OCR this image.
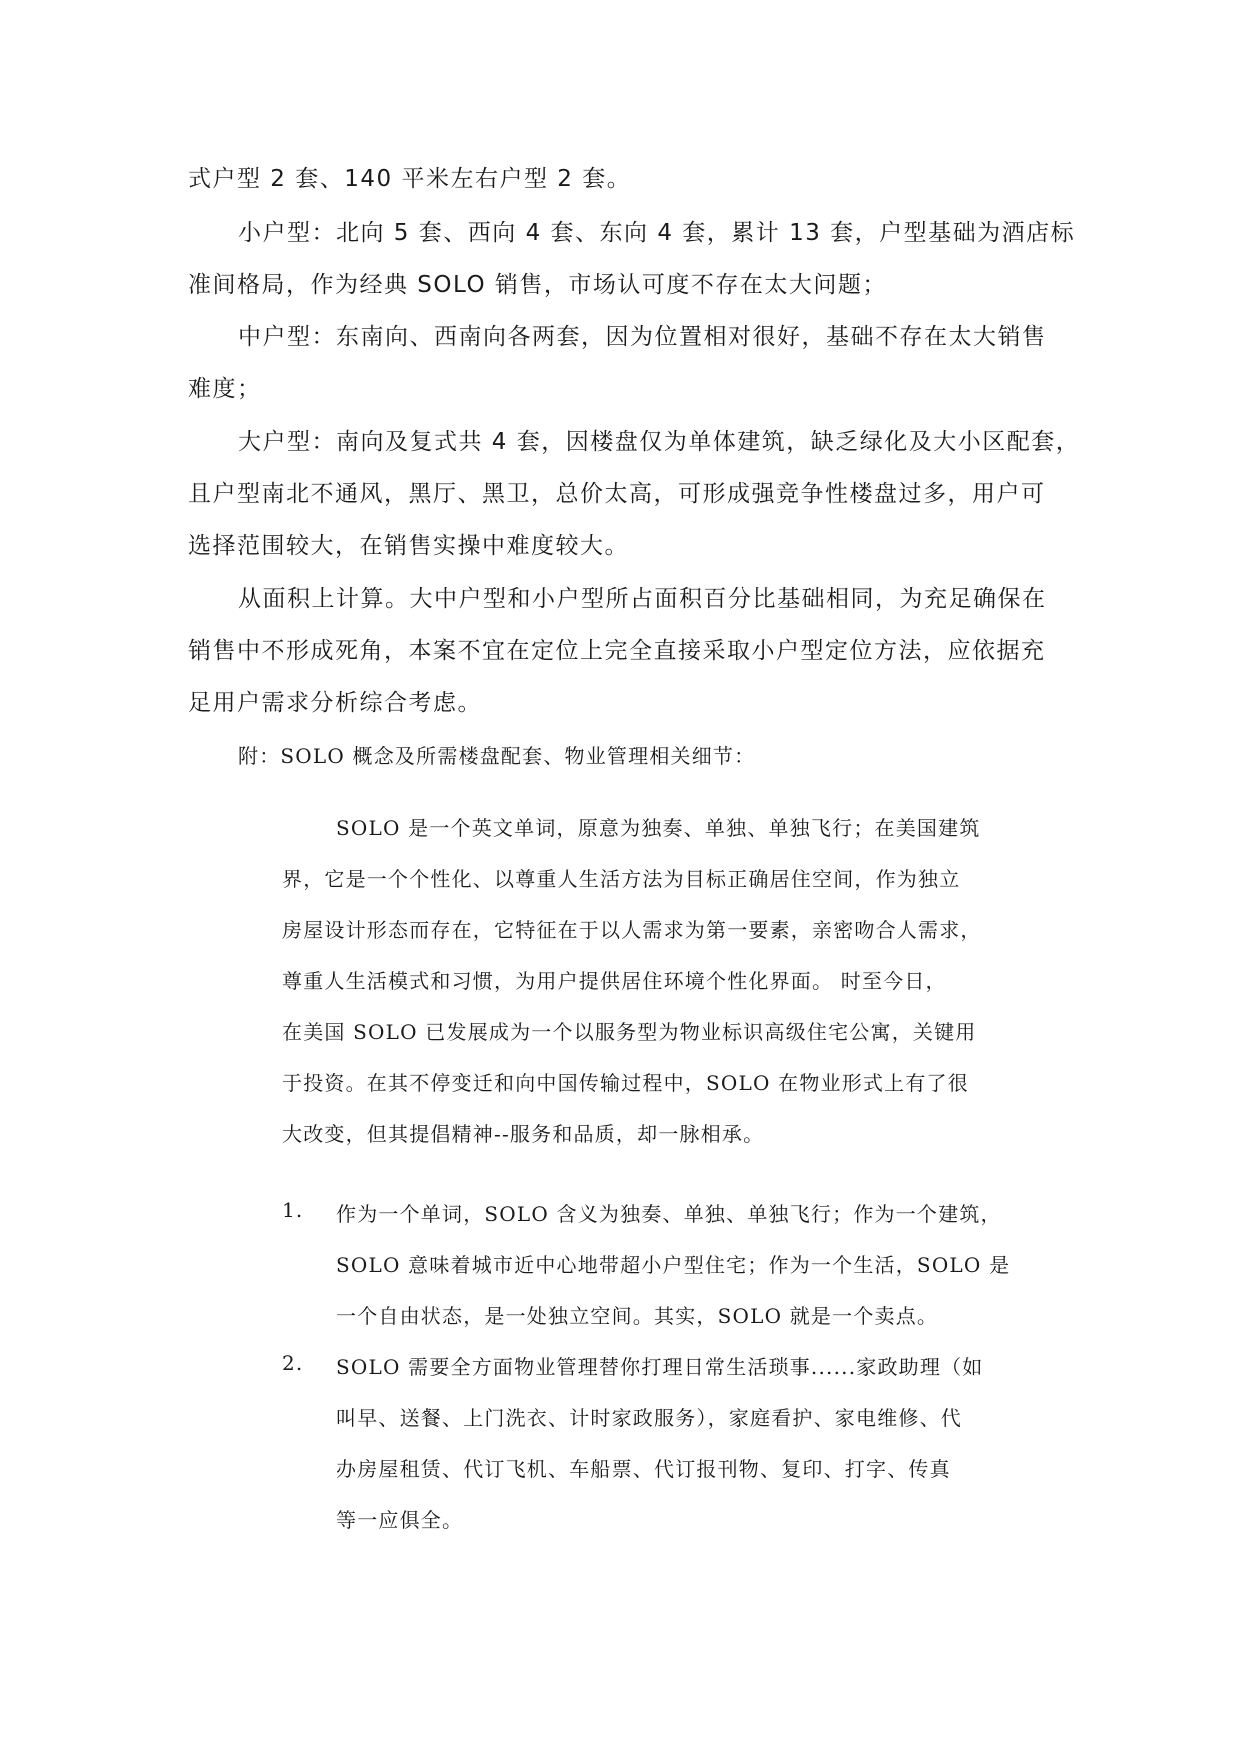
式户型 2 套、140 平米左右户型 2 套。

小户型：北向 5 套、西向 4 套、东向 4 套，累计 13 套，户型基础为酒店标

准间格局，作为经典 SOLO 销售，市场认可度不存在太大问题；

中户型：东南向、西南向各两套，因为位置相对很好，基础不存在太大销售

难度；

大户型：南向及复式共 4 套，因楼盘仅为单体建筑，缺乏绿化及大小区配套，

且户型南北不通风，黑厅、黑卫，总价太高，可形成强竞争性楼盘过多，用户可

选择范围较大，在销售实操中难度较大。

从面积上计算。大中户型和小户型所占面积百分比基础相同，为充足确保在

销售中不形成死角，本案不宜在定位上完全直接采取小户型定位方法，应依据充

足用户需求分析综合考虑。

附：SOLO 概念及所需楼盘配套、物业管理相关细节：

SOLO 是一个英文单词，原意为独奏、单独、单独飞行；在美国建筑

界，它是一个个性化、以尊重人生活方法为目标正确居住空间，作为独立

房屋设计形态而存在，它特征在于以人需求为第一要素，亲密吻合人需求，

尊重人生活模式和习惯，为用户提供居住环境个性化界面。 时至今日，

在美国 SOLO 已发展成为一个以服务型为物业标识高级住宅公寓，关键用

于投资。在其不停变迁和向中国传输过程中，SOLO 在物业形式上有了很

大改变，但其提倡精神--服务和品质，却一脉相承。

1. 作为一个单词，SOLO 含义为独奏、单独、单独飞行；作为一个建筑，

SOLO 意味着城市近中心地带超小户型住宅；作为一个生活，SOLO 是

一个自由状态，是一处独立空间。其实，SOLO 就是一个卖点。

2. SOLO 需要全方面物业管理替你打理日常生活琐事......家政助理（如

叫早、送餐、上门洗衣、计时家政服务），家庭看护、家电维修、代

办房屋租赁、代订飞机、车船票、代订报刊物、复印、打字、传真

等一应俱全。
